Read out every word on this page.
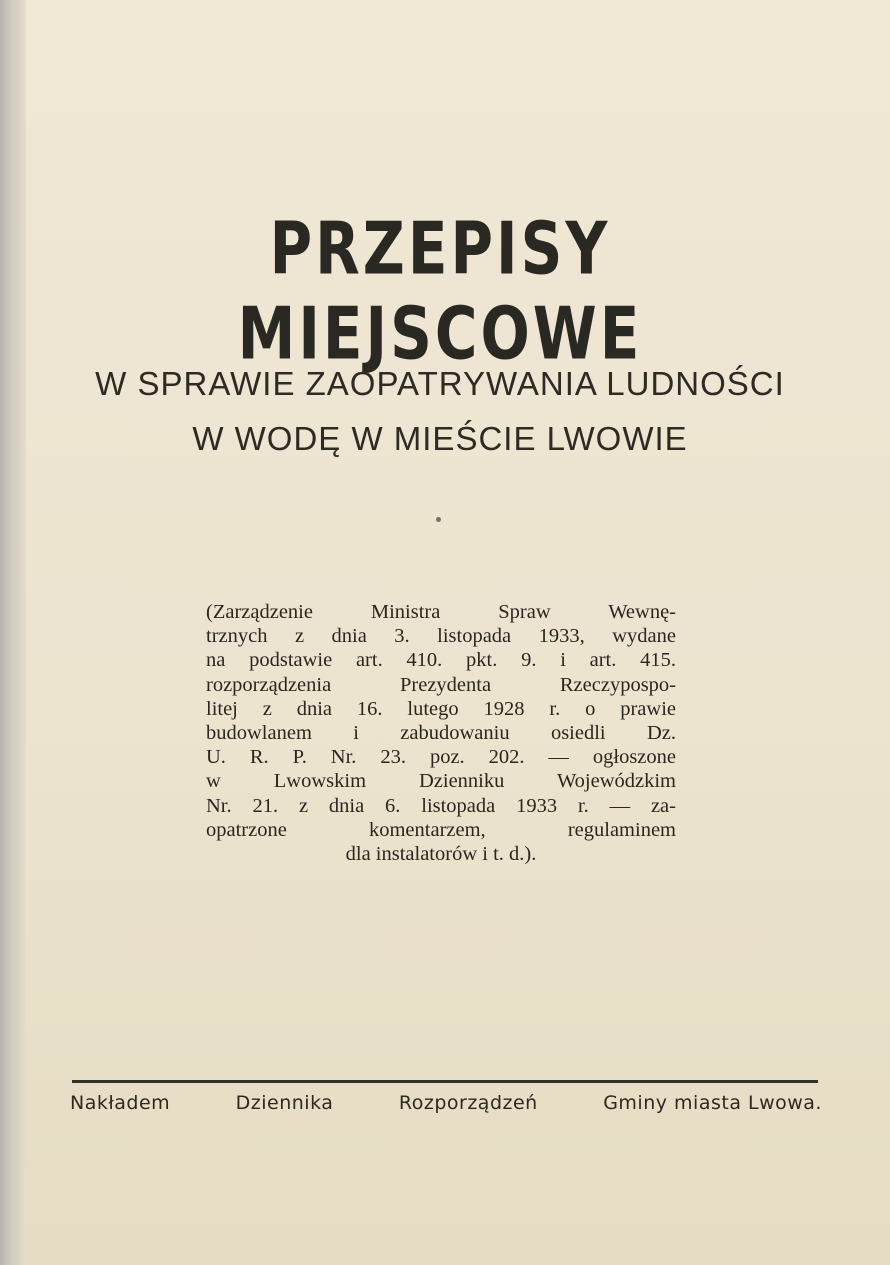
PRZEPISY MIEJSCOWE

W SPRAWIE ZAOPATRYWANIA LUDNOŚCI

W WODĘ W MIEŚCIE LWOWIE

(Zarządzenie Ministra Spraw Wewnę-
trznych z dnia 3. listopada 1933, wydane
na podstawie art. 410. pkt. 9. i art. 415.
rozporządzenia Prezydenta Rzeczypospo-
litej z dnia 16. lutego 1928 r. o prawie
budowlanem i zabudowaniu osiedli Dz.
U. R. P. Nr. 23. poz. 202. — ogłoszone
w Lwowskim Dzienniku Wojewódzkim
Nr. 21. z dnia 6. listopada 1933 r. — za-
opatrzone komentarzem, regulaminem
dla instalatorów i t. d.).
Nakładem	Dziennika	Rozporządzeń	Gminy miasta Lwowa.
